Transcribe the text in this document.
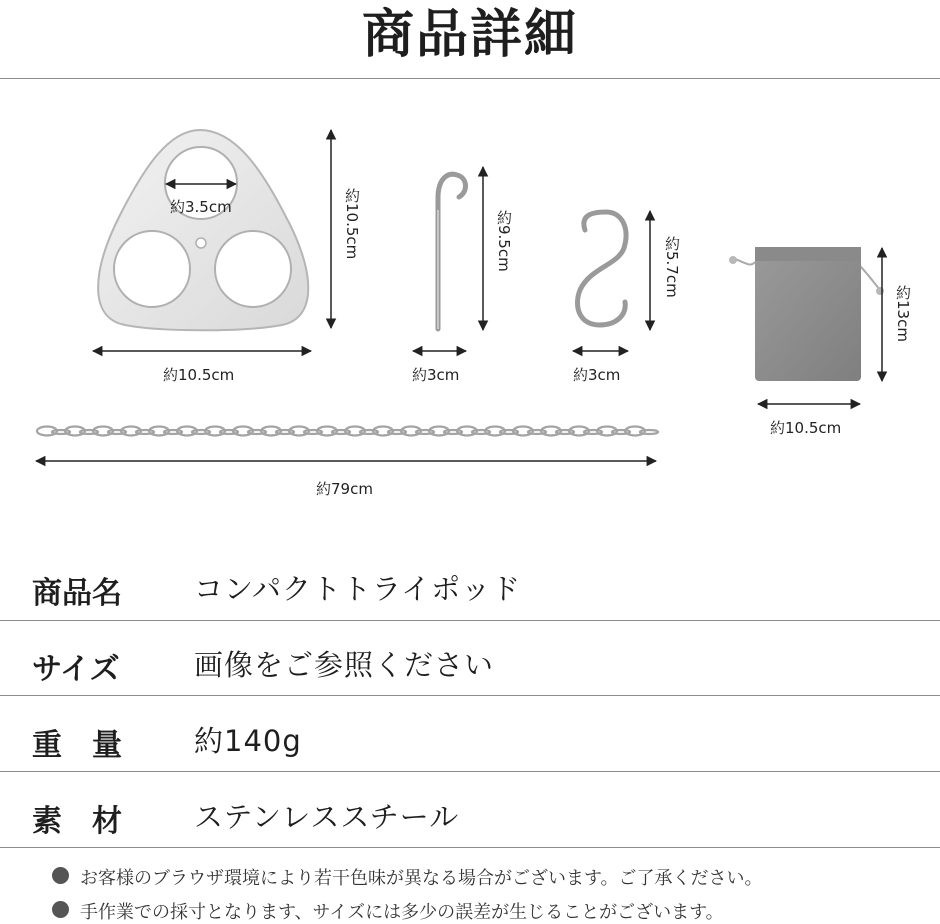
商品詳細
約3.5cm	約10.5cm
約10.5cm
約9.5cm
約3cm
約5.7cm
約3cm
約13cm
約10.5cm
約79cm
商品名 コンパクトトライポッド
サイズ	画像をご参照ください
重　量 約140g
素　材 ステンレススチール
お客様のブラウザ環境により若干色味が異なる場合がございます。ご了承ください。
手作業での採寸となります、サイズには多少の誤差が生じることがございます。
